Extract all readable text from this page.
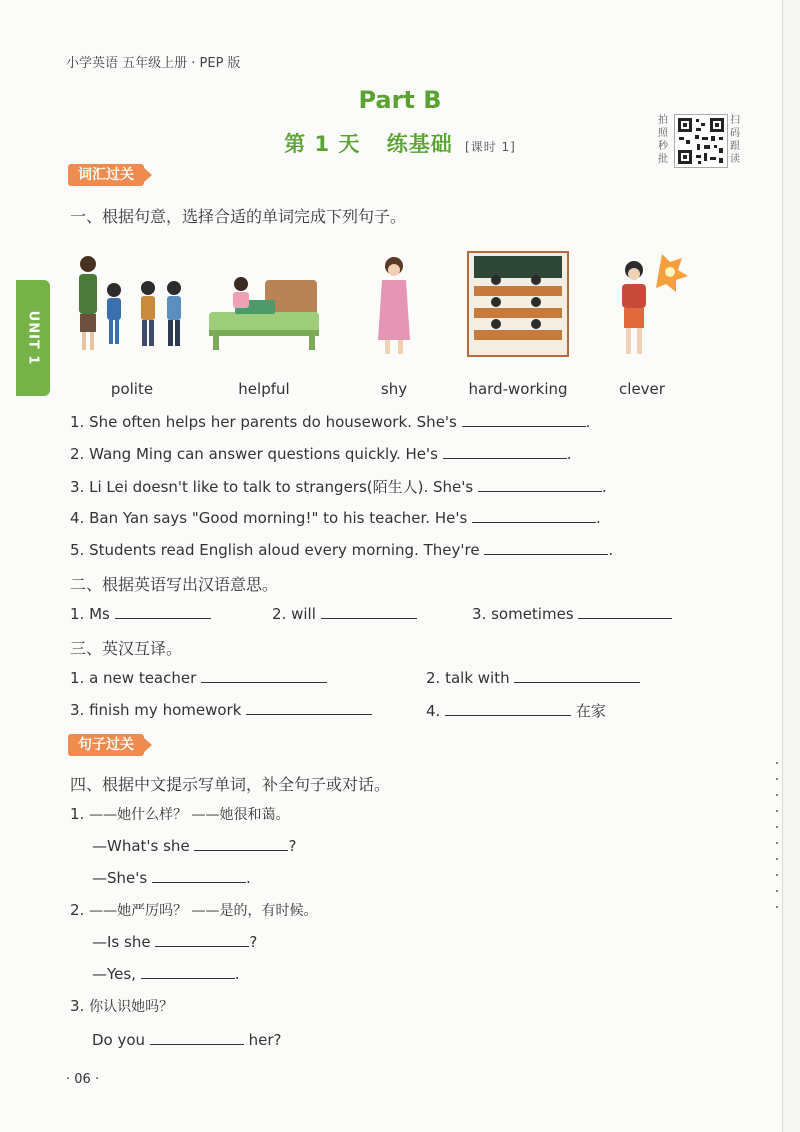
小学英语 五年级上册 · PEP 版
Part B
第 1 天 练基础 [课时 1]
拍照秒批
扫码跟读
UNIT 1
词汇过关
一、根据句意，选择合适的单词完成下列句子。
polite	helpful	shy	hard-working	clever
1. She often helps her parents do housework. She's	.
2. Wang Ming can answer questions quickly. He's	.
3. Li Lei doesn't like to talk to strangers(陌生人). She's	.
4. Ban Yan says "Good morning!" to his teacher. He's	.
5. Students read English aloud every morning. They're	.
二、根据英语写出汉语意思。
1. Ms	2. will	3. sometimes
三、英汉互译。
1. a new teacher	2. talk with
3. finish my homework	4.	在家
句子过关
四、根据中文提示写单词，补全句子或对话。
1. ——她什么样？ ——她很和蔼。
—What's she	?
—She's	.
2. ——她严厉吗？ ——是的，有时候。
—Is she	?
—Yes,	.
3. 你认识她吗？
Do you	her?
· 06 ·
